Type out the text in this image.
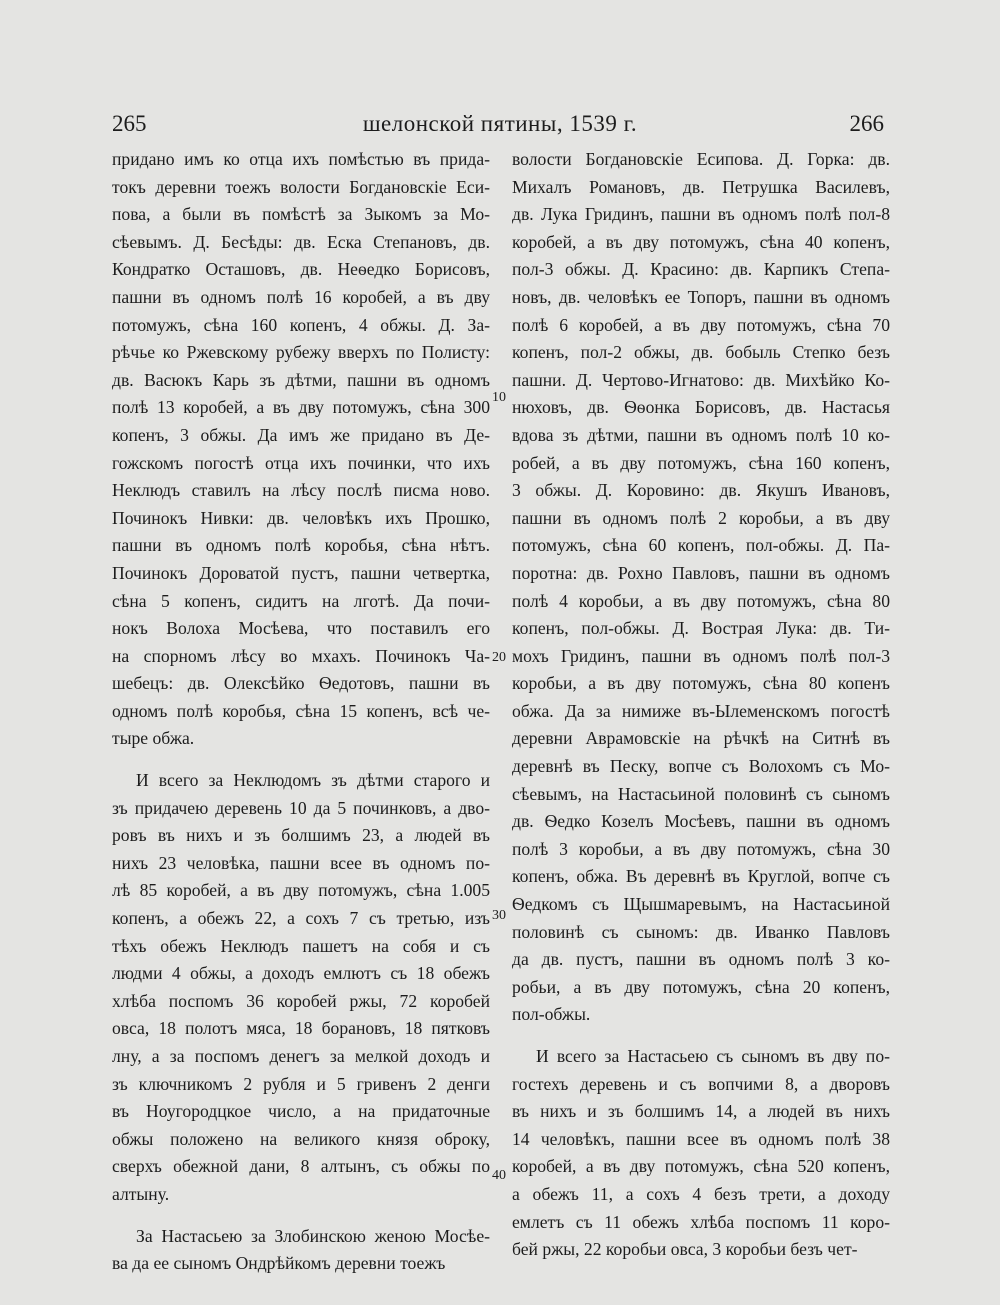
шелонской пятины, 1539 г.
265	266
придано имъ ко отца ихъ помѣстью въ прида-
токъ деревни тоежъ волости Богдановскіе Еси-
пова, а были въ помѣстѣ за Зыкомъ за Мо-
сѣевымъ. Д. Бесѣды: дв. Еска Степановъ, дв.
Кондратко Осташовъ, дв. Неѳедко Борисовъ,
пашни въ одномъ полѣ 16 коробей, а въ дву
потомужъ, сѣна 160 копенъ, 4 обжы. Д. За-
рѣчье ко Ржевскому рубежу вверхъ по Полисту:
дв. Васюкъ Карь зъ дѣтми, пашни въ одномъ
полѣ 13 коробей, а въ дву потомужъ, сѣна 300
копенъ, 3 обжы. Да имъ же придано въ Де-
гожскомъ погостѣ отца ихъ починки, что ихъ
Неклюдъ ставилъ на лѣсу послѣ писма ново.
Починокъ Нивки: дв. человѣкъ ихъ Прошко,
пашни въ одномъ полѣ коробья, сѣна нѣтъ.
Починокъ Дороватой пустъ, пашни четвертка,
сѣна 5 копенъ, сидитъ на лготѣ. Да почи-
нокъ Волоха Мосѣева, что поставилъ его
на спорномъ лѣсу во мхахъ. Починокъ Ча-
шебецъ: дв. Олексѣйко Ѳедотовъ, пашни въ
одномъ полѣ коробья, сѣна 15 копенъ, всѣ че-
тыре обжа.
И всего за Неклюдомъ зъ дѣтми старого и
зъ придачею деревень 10 да 5 починковъ, а дво-
ровъ въ нихъ и зъ болшимъ 23, а людей въ
нихъ 23 человѣка, пашни всее въ одномъ по-
лѣ 85 коробей, а въ дву потомужъ, сѣна 1.005
копенъ, а обежъ 22, а сохъ 7 съ третью, изъ
тѣхъ обежъ Неклюдъ пашетъ на собя и съ
людми 4 обжы, а доходъ емлютъ съ 18 обежъ
хлѣба поспомъ 36 коробей ржы, 72 коробей
овса, 18 полотъ мяса, 18 борановъ, 18 пятковъ
лну, а за поспомъ денегъ за мелкой доходъ и
зъ ключникомъ 2 рубля и 5 гривенъ 2 денги
въ Ноугородцкое число, а на придаточные
обжы положено на великого князя оброку,
сверхъ обежной дани, 8 алтынъ, съ обжы по
алтыну.
За Настасьею за Злобинскою женою Мосѣе-
ва да ее сыномъ Ондрѣйкомъ деревни тоежъ
волости Богдановскіе Есипова. Д. Горка: дв.
Михалъ Романовъ, дв. Петрушка Василевъ,
дв. Лука Гридинъ, пашни въ одномъ полѣ пол-8
коробей, а въ дву потомужъ, сѣна 40 копенъ,
пол-3 обжы. Д. Красино: дв. Карпикъ Степа-
новъ, дв. человѣкъ ее Топоръ, пашни въ одномъ
полѣ 6 коробей, а въ дву потомужъ, сѣна 70
копенъ, пол-2 обжы, дв. бобыль Степко безъ
пашни. Д. Чертово-Игнатово: дв. Михѣйко Ко-
нюховъ, дв. Ѳѳонка Борисовъ, дв. Настасья
вдова зъ дѣтми, пашни въ одномъ полѣ 10 ко-
робей, а въ дву потомужъ, сѣна 160 копенъ,
3 обжы. Д. Коровино: дв. Якушъ Ивановъ,
пашни въ одномъ полѣ 2 коробьи, а въ дву
потомужъ, сѣна 60 копенъ, пол-обжы. Д. Па-
поротна: дв. Рохно Павловъ, пашни въ одномъ
полѣ 4 коробьи, а въ дву потомужъ, сѣна 80
копенъ, пол-обжы. Д. Вострая Лука: дв. Ти-
мохъ Гридинъ, пашни въ одномъ полѣ пол-3
коробьи, а въ дву потомужъ, сѣна 80 копенъ
обжа. Да за нимиже въ-Ылеменскомъ погостѣ
деревни Аврамовскіе на рѣчкѣ на Ситнѣ въ
деревнѣ въ Песку, вопче съ Волохомъ съ Мо-
сѣевымъ, на Настасьиной половинѣ съ сыномъ
дв. Ѳедко Козелъ Мосѣевъ, пашни въ одномъ
полѣ 3 коробьи, а въ дву потомужъ, сѣна 30
копенъ, обжа. Въ деревнѣ въ Круглой, вопче съ
Ѳедкомъ съ Щышмаревымъ, на Настасьиной
половинѣ съ сыномъ: дв. Иванко Павловъ
да дв. пустъ, пашни въ одномъ полѣ 3 ко-
робьи, а въ дву потомужъ, сѣна 20 копенъ,
пол-обжы.
И всего за Настасьею съ сыномъ въ дву по-
гостехъ деревень и съ вопчими 8, а дворовъ
въ нихъ и зъ болшимъ 14, а людей въ нихъ
14 человѣкъ, пашни всее въ одномъ полѣ 38
коробей, а въ дву потомужъ, сѣна 520 копенъ,
а обежъ 11, а сохъ 4 безъ трети, а доходу
емлетъ съ 11 обежъ хлѣба поспомъ 11 коро-
бей ржы, 22 коробьи овса, 3 коробьи безъ чет-
10
20
30
40
